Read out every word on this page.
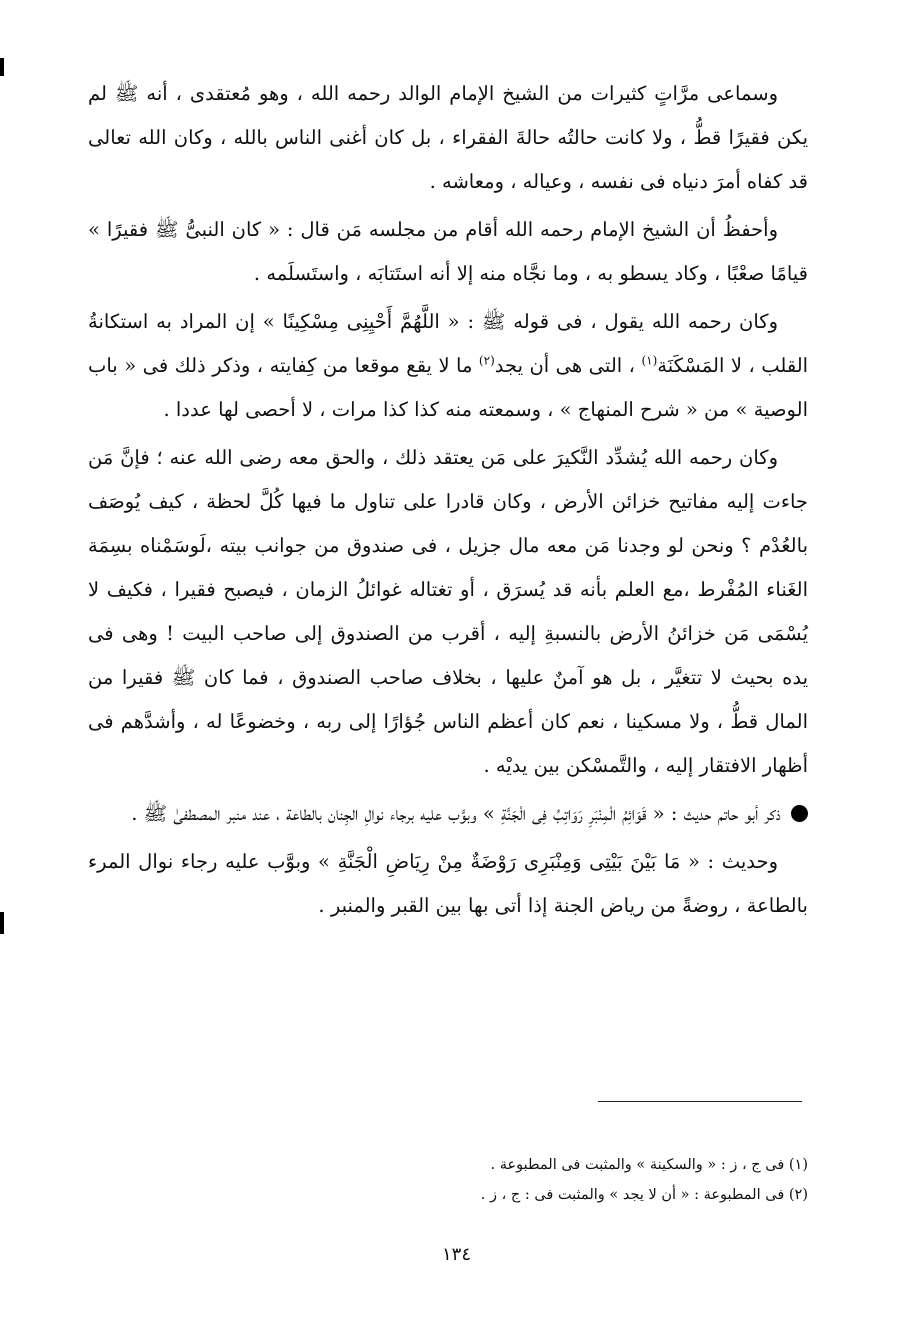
وسماعى مرَّاتٍ كثيرات من الشيخ الإمام الوالد رحمه الله ، وهو مُعتقدى ، أنه ﷺ لم يكن فقيرًا قطُّ ، ولا كانت حالتُه حالةَ الفقراء ، بل كان أغنى الناس بالله ، وكان الله تعالى قد كفاه أمرَ دنياه فى نفسه ، وعياله ، ومعاشه .

وأحفظُ أن الشيخ الإمام رحمه الله أقام من مجلسه مَن قال : « كان النبىُّ ﷺ فقيرًا » قيامًا صعْبًا ، وكاد يسطو به ، وما نجَّاه منه إلا أنه استَتابَه ، واستَسلَمه .

وكان رحمه الله يقول ، فى قوله ﷺ : « اللَّهُمَّ أَحْيِنِى مِسْكِينًا » إن المراد به استكانةُ القلب ، لا المَسْكَنَة$^{(١)}$ ، التى هى أن يجد$^{(٢)}$ ما لا يقع موقعا من كِفايته ، وذكر ذلك فى « باب الوصية » من « شرح المنهاج » ، وسمعته منه كذا كذا مرات ، لا أحصى لها عددا .

وكان رحمه الله يُشدِّد النَّكيرَ على مَن يعتقد ذلك ، والحق معه رضى الله عنه ؛ فإنَّ مَن جاءت إليه مفاتيح خزائن الأرض ، وكان قادرا على تناول ما فيها كُلَّ لحظة ، كيف يُوصَف بالعُدْم ؟ ونحن لو وجدنا مَن معه مال جزيل ، فى صندوق من جوانب بيته ،لَوسَمْناه بسِمَة الغَناء المُفْرط ،مع العلم بأنه قد يُسرَق ، أو تغتاله غوائلُ الزمان ، فيصبح فقيرا ، فكيف لا يُسْمَى مَن خزائنُ الأرض بالنسبةِ إليه ، أقرب من الصندوق إلى صاحب البيت ! وهى فى يده بحيث لا تتغيَّر ، بل هو آمنٌ عليها ، بخلاف صاحب الصندوق ، فما كان ﷺ فقيرا من المال قطُّ ، ولا مسكينا ، نعم كان أعظم الناس جُؤارًا إلى ربه ، وخضوعًا له ، وأشدَّهم فى أظهار الافتقار إليه ، والتَّمسْكن بين يديْه .

ذكر أبو حاتم حديث : « قَوَائِمُ الْمِنْبَرِ رَوَاتِبُ فِى الْجَنَّةِ » وبوَّب عليه برجاء نوالِ الجِنان بالطاعة ، عند منبر المصطفىٰ ﷺ .

وحديث : « مَا بَيْنَ بَيْتِى وَمِنْبَرِى رَوْضَةٌ مِنْ رِيَاضِ الْجَنَّةِ » وبوَّب عليه رجاء نوال المرء بالطاعة ، روضةً من رياض الجنة إذا أتى بها بين القبر والمنبر .

(١) فى ج ، ز : « والسكينة » والمثبت فى المطبوعة .

(٢) فى المطبوعة : « أن لا يجد » والمثبت فى : ج ، ز .

١٣٤
